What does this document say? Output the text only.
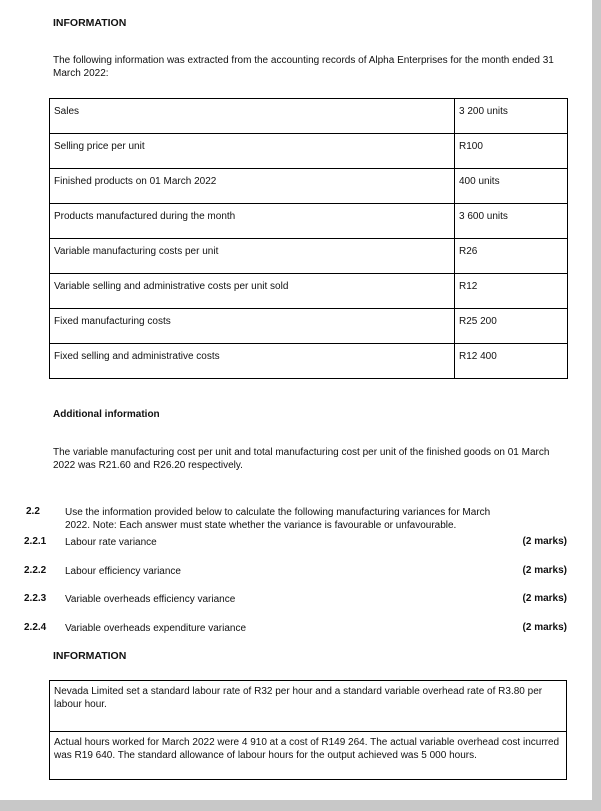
INFORMATION
The following information was extracted from the accounting records of Alpha Enterprises for the month ended 31
March 2022:
Sales	3 200 units
Selling price per unit	R100
Finished products on 01 March 2022	400 units
Products manufactured during the month	3 600 units
Variable manufacturing costs per unit	R26
Variable selling and administrative costs per unit sold	R12
Fixed manufacturing costs	R25 200
Fixed selling and administrative costs	R12 400
Additional information
The variable manufacturing cost per unit and total manufacturing cost per unit of the finished goods on 01 March
2022 was R21.60 and R26.20 respectively.
2.2	Use the information provided below to calculate the following manufacturing variances for March
2022. Note: Each answer must state whether the variance is favourable or unfavourable.
2.2.1 Labour rate variance	(2 marks)
2.2.2 Labour efficiency variance	(2 marks)
2.2.3 Variable overheads efficiency variance	(2 marks)
2.2.4 Variable overheads expenditure variance	(2 marks)
INFORMATION
Nevada Limited set a standard labour rate of R32 per hour and a standard variable overhead rate of R3.80 per
labour hour.
Actual hours worked for March 2022 were 4 910 at a cost of R149 264. The actual variable overhead cost incurred
was R19 640. The standard allowance of labour hours for the output achieved was 5 000 hours.
